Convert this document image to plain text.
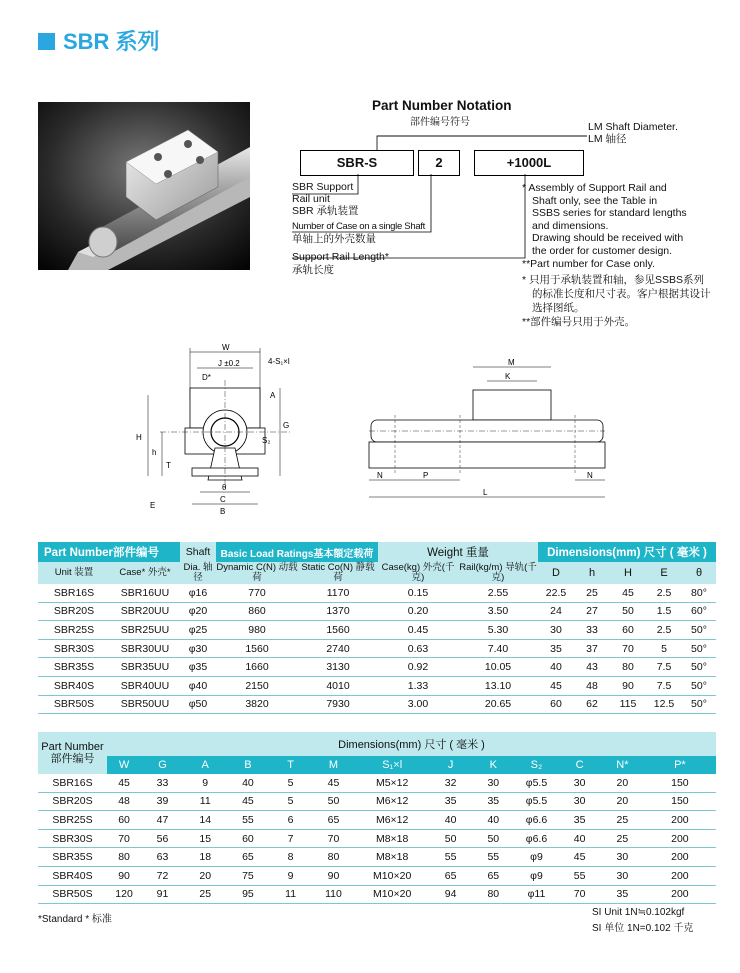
SBR 系列
Part Number Notation
部件编号符号	LM Shaft Diameter.
LM 轴径
SBR-S	2	+1000L
SBR Support
Rail unit
SBR 承轨装置
Number of Case on a single Shaft
单轴上的外壳数量
Support Rail Length*
承轨长度
* Assembly of Support Rail and
Shaft only, see the Table in
SSBS series for standard lengths
and dimensions.
Drawing should be received with
the order for customer design.
**Part number for Case only.
* 只用于承轨装置和轴，参见SSBS系列
的标准长度和尺寸表。客户根据其设计
选择图纸。
**部件编号只用于外壳。
W
J ±0.2
D*
4-S₁×l
H
h
T
A
G
S₂
θ
C
B
E
M
K
N	P	N
L
Part Number部件编号		Shaft	Basic Load Ratings基本額定载荷		Weight 重量		Dimensions(mm) 尺寸 ( 毫米 )				
Unit 装置	Case* 外壳*	Dia. 轴径	Dynamic C(N) 动载荷	Static Co(N) 静载荷	Case(kg) 外壳(千克)	Rail(kg/m) 导轨(千克)	D	h	H	E	θ
SBR16S	SBR16UU	φ16	770	1170	0.15	2.55	22.5	25	45	2.5	80°
SBR20S	SBR20UU	φ20	860	1370	0.20	3.50	24	27	50	1.5	60°
SBR25S	SBR25UU	φ25	980	1560	0.45	5.30	30	33	60	2.5	50°
SBR30S	SBR30UU	φ30	1560	2740	0.63	7.40	35	37	70	5	50°
SBR35S	SBR35UU	φ35	1660	3130	0.92	10.05	40	43	80	7.5	50°
SBR40S	SBR40UU	φ40	2150	4010	1.33	13.10	45	48	90	7.5	50°
SBR50S	SBR50UU	φ50	3820	7930	3.00	20.65	60	62	115	12.5	50°
Part Number 部件编号	Dimensions(mm) 尺寸 ( 毫米 )												
	W	G	A	B	T	M	S₁×l	J	K	S₂	C	N*	P*
SBR16S	45	33	9	40	5	45	M5×12	32	30	φ5.5	30	20	150
SBR20S	48	39	11	45	5	50	M6×12	35	35	φ5.5	30	20	150
SBR25S	60	47	14	55	6	65	M6×12	40	40	φ6.6	35	25	200
SBR30S	70	56	15	60	7	70	M8×18	50	50	φ6.6	40	25	200
SBR35S	80	63	18	65	8	80	M8×18	55	55	φ9	45	30	200
SBR40S	90	72	20	75	9	90	M10×20	65	65	φ9	55	30	200
SBR50S	120	91	25	95	11	110	M10×20	94	80	φ11	70	35	200
*Standard * 标准
SI Unit 1N≒0.102kgf
SI 单位 1N=0.102 千克
